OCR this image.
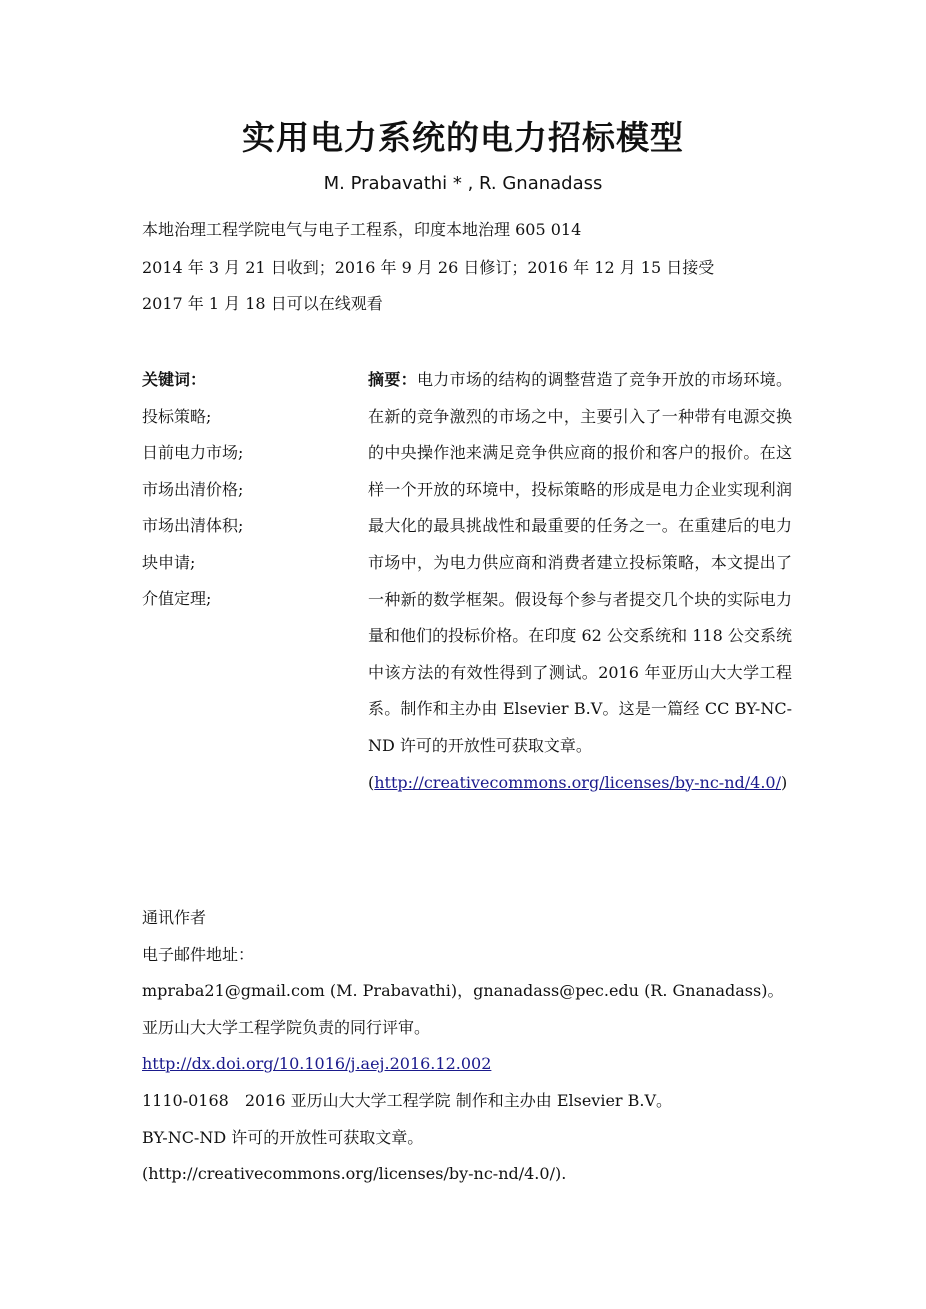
实用电力系统的电力招标模型
M. Prabavathi * , R. Gnanadass
本地治理工程学院电气与电子工程系，印度本地治理 605 014
2014 年 3 月 21 日收到；2016 年 9 月 26 日修订；2016 年 12 月 15 日接受
2017 年 1 月 18 日可以在线观看
关键词：
投标策略;
日前电力市场;
市场出清价格;
市场出清体积;
块申请;
介值定理;
摘要：电力市场的结构的调整营造了竞争开放的市场环境。在新的竞争激烈的市场之中，主要引入了一种带有电源交换的中央操作池来满足竞争供应商的报价和客户的报价。在这样一个开放的环境中，投标策略的形成是电力企业实现利润最大化的最具挑战性和最重要的任务之一。在重建后的电力市场中，为电力供应商和消费者建立投标策略，本文提出了一种新的数学框架。假设每个参与者提交几个块的实际电力量和他们的投标价格。在印度 62 公交系统和 118 公交系统中该方法的有效性得到了测试。2016 年亚历山大大学工程系。制作和主办由 Elsevier B.V。这是一篇经 CC BY-NC-ND 许可的开放性可获取文章。
(http://creativecommons.org/licenses/by-nc-nd/4.0/)
通讯作者
电子邮件地址：
mpraba21@gmail.com (M. Prabavathi)，gnanadass@pec.edu (R. Gnanadass)。
亚历山大大学工程学院负责的同行评审。
http://dx.doi.org/10.1016/j.aej.2016.12.002
1110-0168　2016 亚历山大大学工程学院 制作和主办由 Elsevier B.V。
BY-NC-ND 许可的开放性可获取文章。
(http://creativecommons.org/licenses/by-nc-nd/4.0/).
